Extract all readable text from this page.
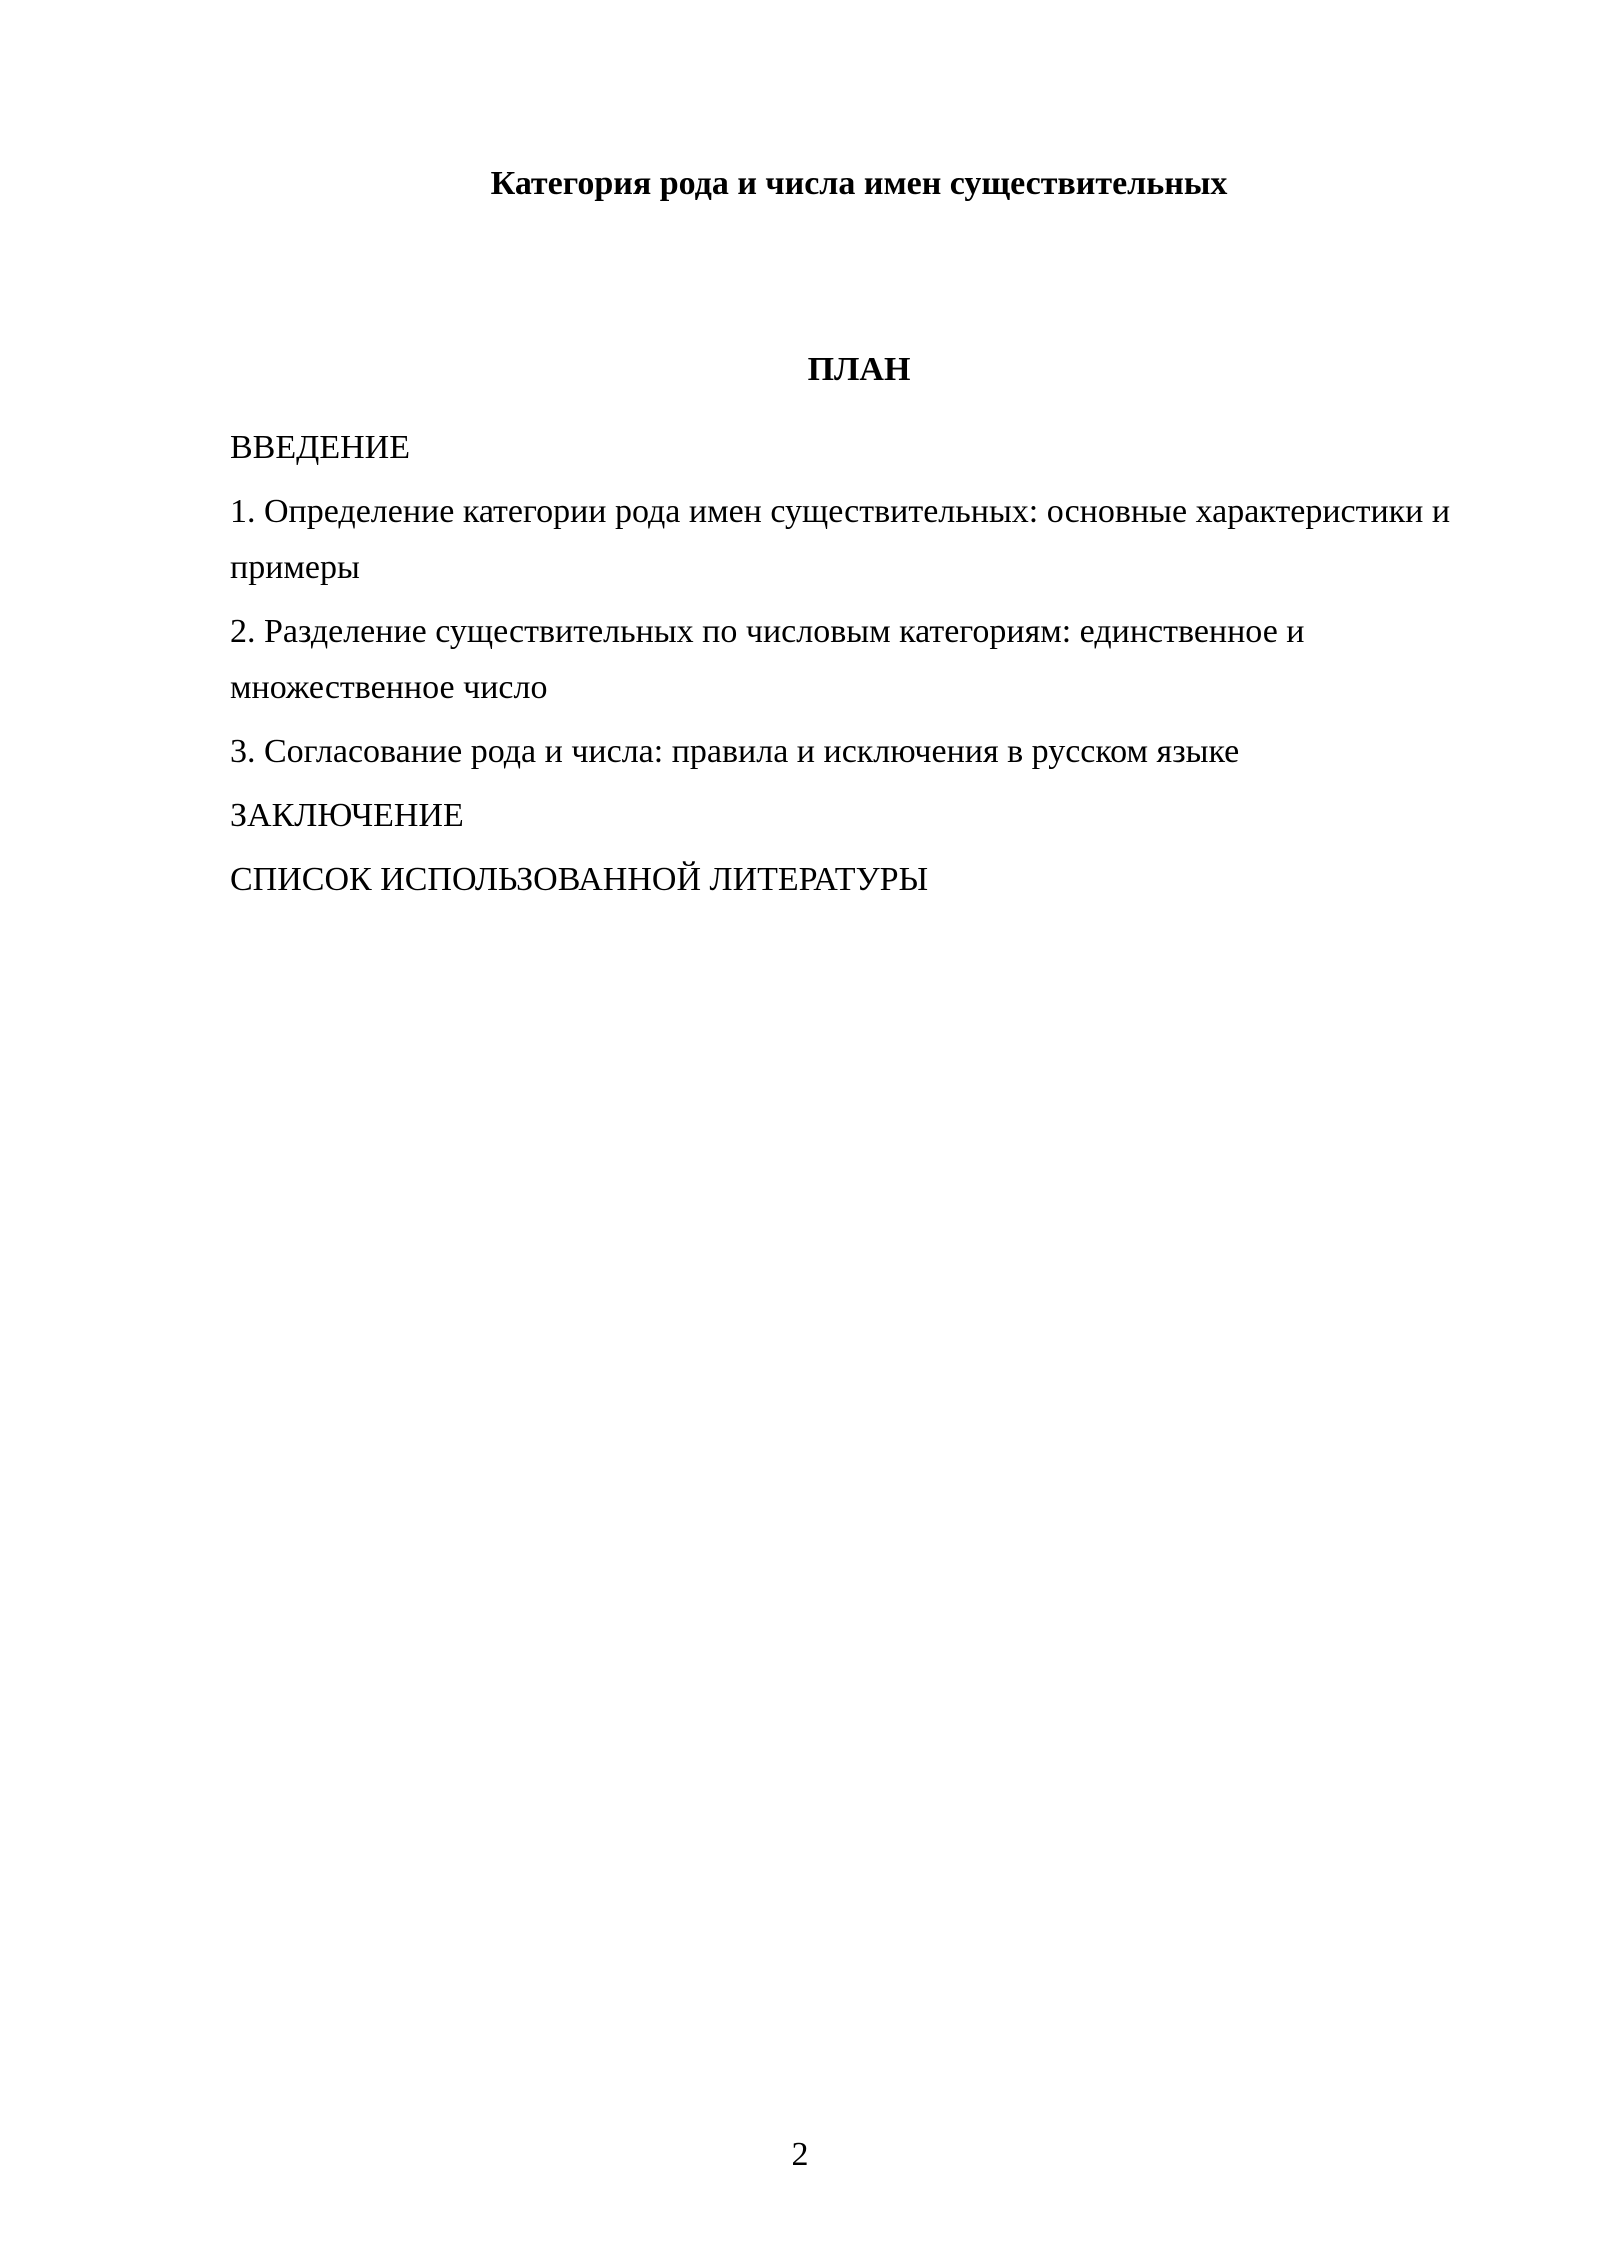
Категория рода и числа имен существительных
ПЛАН
ВВЕДЕНИЕ
1. Определение категории рода имен существительных: основные характеристики и примеры
2. Разделение существительных по числовым категориям: единственное и множественное число
3. Согласование рода и числа: правила и исключения в русском языке
ЗАКЛЮЧЕНИЕ
СПИСОК ИСПОЛЬЗОВАННОЙ ЛИТЕРАТУРЫ
2
